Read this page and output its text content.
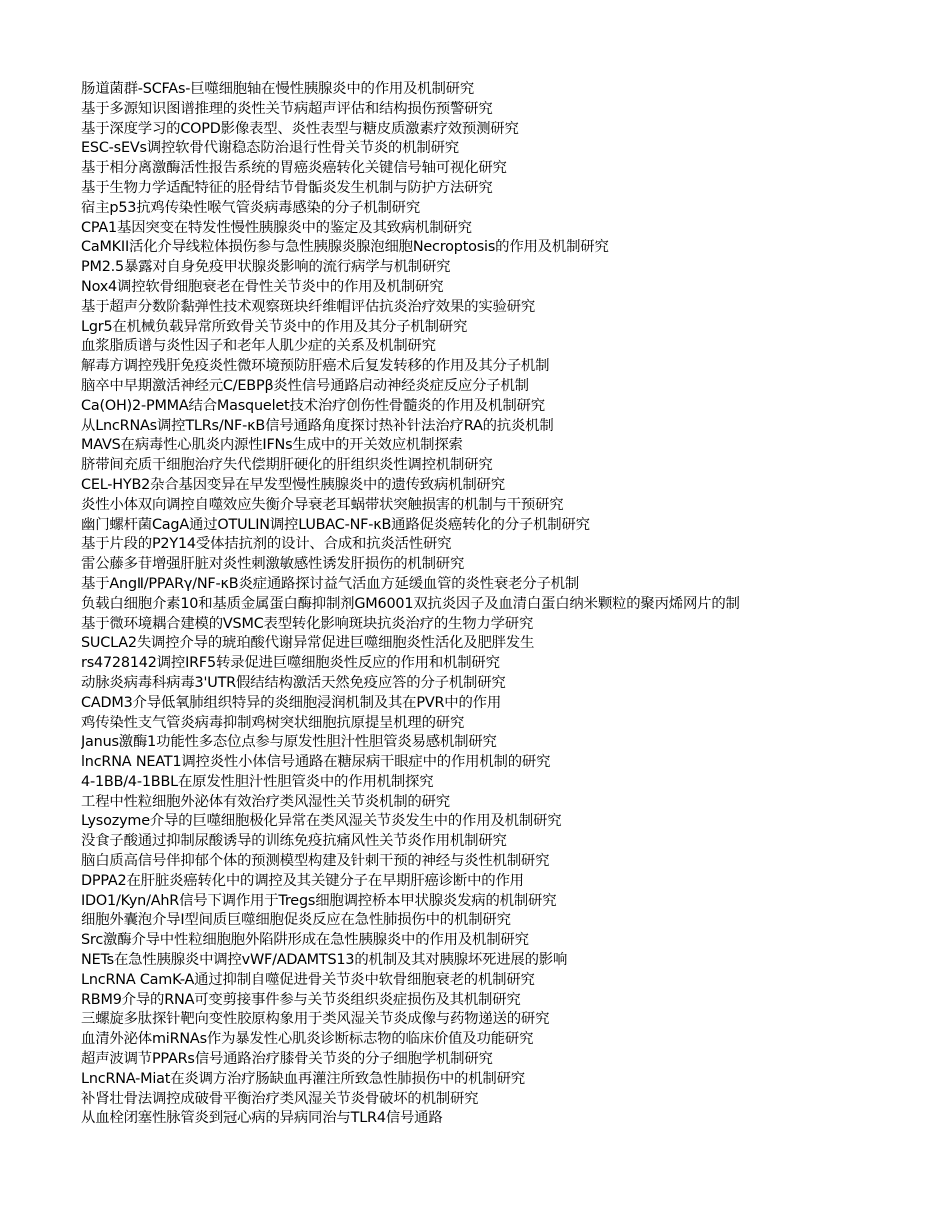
肠道菌群-SCFAs-巨噬细胞轴在慢性胰腺炎中的作用及机制研究
基于多源知识图谱推理的炎性关节病超声评估和结构损伤预警研究
基于深度学习的COPD影像表型、炎性表型与糖皮质激素疗效预测研究
ESC-sEVs调控软骨代谢稳态防治退行性骨关节炎的机制研究
基于相分离激酶活性报告系统的胃癌炎癌转化关键信号轴可视化研究
基于生物力学适配特征的胫骨结节骨骺炎发生机制与防护方法研究
宿主p53抗鸡传染性喉气管炎病毒感染的分子机制研究
CPA1基因突变在特发性慢性胰腺炎中的鉴定及其致病机制研究
CaMKII活化介导线粒体损伤参与急性胰腺炎腺泡细胞Necroptosis的作用及机制研究
PM2.5暴露对自身免疫甲状腺炎影响的流行病学与机制研究
Nox4调控软骨细胞衰老在骨性关节炎中的作用及机制研究
基于超声分数阶黏弹性技术观察斑块纤维帽评估抗炎治疗效果的实验研究
Lgr5在机械负载异常所致骨关节炎中的作用及其分子机制研究
血浆脂质谱与炎性因子和老年人肌少症的关系及机制研究
解毒方调控残肝免疫炎性微环境预防肝癌术后复发转移的作用及其分子机制
脑卒中早期激活神经元C/EBPβ炎性信号通路启动神经炎症反应分子机制
Ca(OH)2-PMMA结合Masquelet技术治疗创伤性骨髓炎的作用及机制研究
从LncRNAs调控TLRs/NF-κB信号通路角度探讨热补针法治疗RA的抗炎机制
MAVS在病毒性心肌炎内源性IFNs生成中的开关效应机制探索
脐带间充质干细胞治疗失代偿期肝硬化的肝组织炎性调控机制研究
CEL-HYB2杂合基因变异在早发型慢性胰腺炎中的遗传致病机制研究
炎性小体双向调控自噬效应失衡介导衰老耳蜗带状突触损害的机制与干预研究
幽门螺杆菌CagA通过OTULIN调控LUBAC-NF-κB通路促炎癌转化的分子机制研究
基于片段的P2Y14受体拮抗剂的设计、合成和抗炎活性研究
雷公藤多苷增强肝脏对炎性刺激敏感性诱发肝损伤的机制研究
基于AngⅡ/PPARγ/NF-κB炎症通路探讨益气活血方延缓血管的炎性衰老分子机制
负载白细胞介素10和基质金属蛋白酶抑制剂GM6001双抗炎因子及血清白蛋白纳米颗粒的聚丙烯网片的制
基于微环境耦合建模的VSMC表型转化影响斑块抗炎治疗的生物力学研究
SUCLA2失调控介导的琥珀酸代谢异常促进巨噬细胞炎性活化及肥胖发生
rs4728142调控IRF5转录促进巨噬细胞炎性反应的作用和机制研究
动脉炎病毒科病毒3'UTR假结结构激活天然免疫应答的分子机制研究
CADM3介导低氧肺组织特异的炎细胞浸润机制及其在PVR中的作用
鸡传染性支气管炎病毒抑制鸡树突状细胞抗原提呈机理的研究
Janus激酶1功能性多态位点参与原发性胆汁性胆管炎易感机制研究
lncRNA NEAT1调控炎性小体信号通路在糖尿病干眼症中的作用机制的研究
4-1BB/4-1BBL在原发性胆汁性胆管炎中的作用机制探究
工程中性粒细胞外泌体有效治疗类风湿性关节炎机制的研究
Lysozyme介导的巨噬细胞极化异常在类风湿关节炎发生中的作用及机制研究
没食子酸通过抑制尿酸诱导的训练免疫抗痛风性关节炎作用机制研究
脑白质高信号伴抑郁个体的预测模型构建及针刺干预的神经与炎性机制研究
DPPA2在肝脏炎癌转化中的调控及其关键分子在早期肝癌诊断中的作用
IDO1/Kyn/AhR信号下调作用于Tregs细胞调控桥本甲状腺炎发病的机制研究
细胞外囊泡介导I型间质巨噬细胞促炎反应在急性肺损伤中的机制研究
Src激酶介导中性粒细胞胞外陷阱形成在急性胰腺炎中的作用及机制研究
NETs在急性胰腺炎中调控vWF/ADAMTS13的机制及其对胰腺坏死进展的影响
LncRNA CamK-A通过抑制自噬促进骨关节炎中软骨细胞衰老的机制研究
RBM9介导的RNA可变剪接事件参与关节炎组织炎症损伤及其机制研究
三螺旋多肽探针靶向变性胶原构象用于类风湿关节炎成像与药物递送的研究
血清外泌体miRNAs作为暴发性心肌炎诊断标志物的临床价值及功能研究
超声波调节PPARs信号通路治疗膝骨关节炎的分子细胞学机制研究
LncRNA-Miat在炎调方治疗肠缺血再灌注所致急性肺损伤中的机制研究
补肾壮骨法调控成破骨平衡治疗类风湿关节炎骨破坏的机制研究
从血栓闭塞性脉管炎到冠心病的异病同治与TLR4信号通路
